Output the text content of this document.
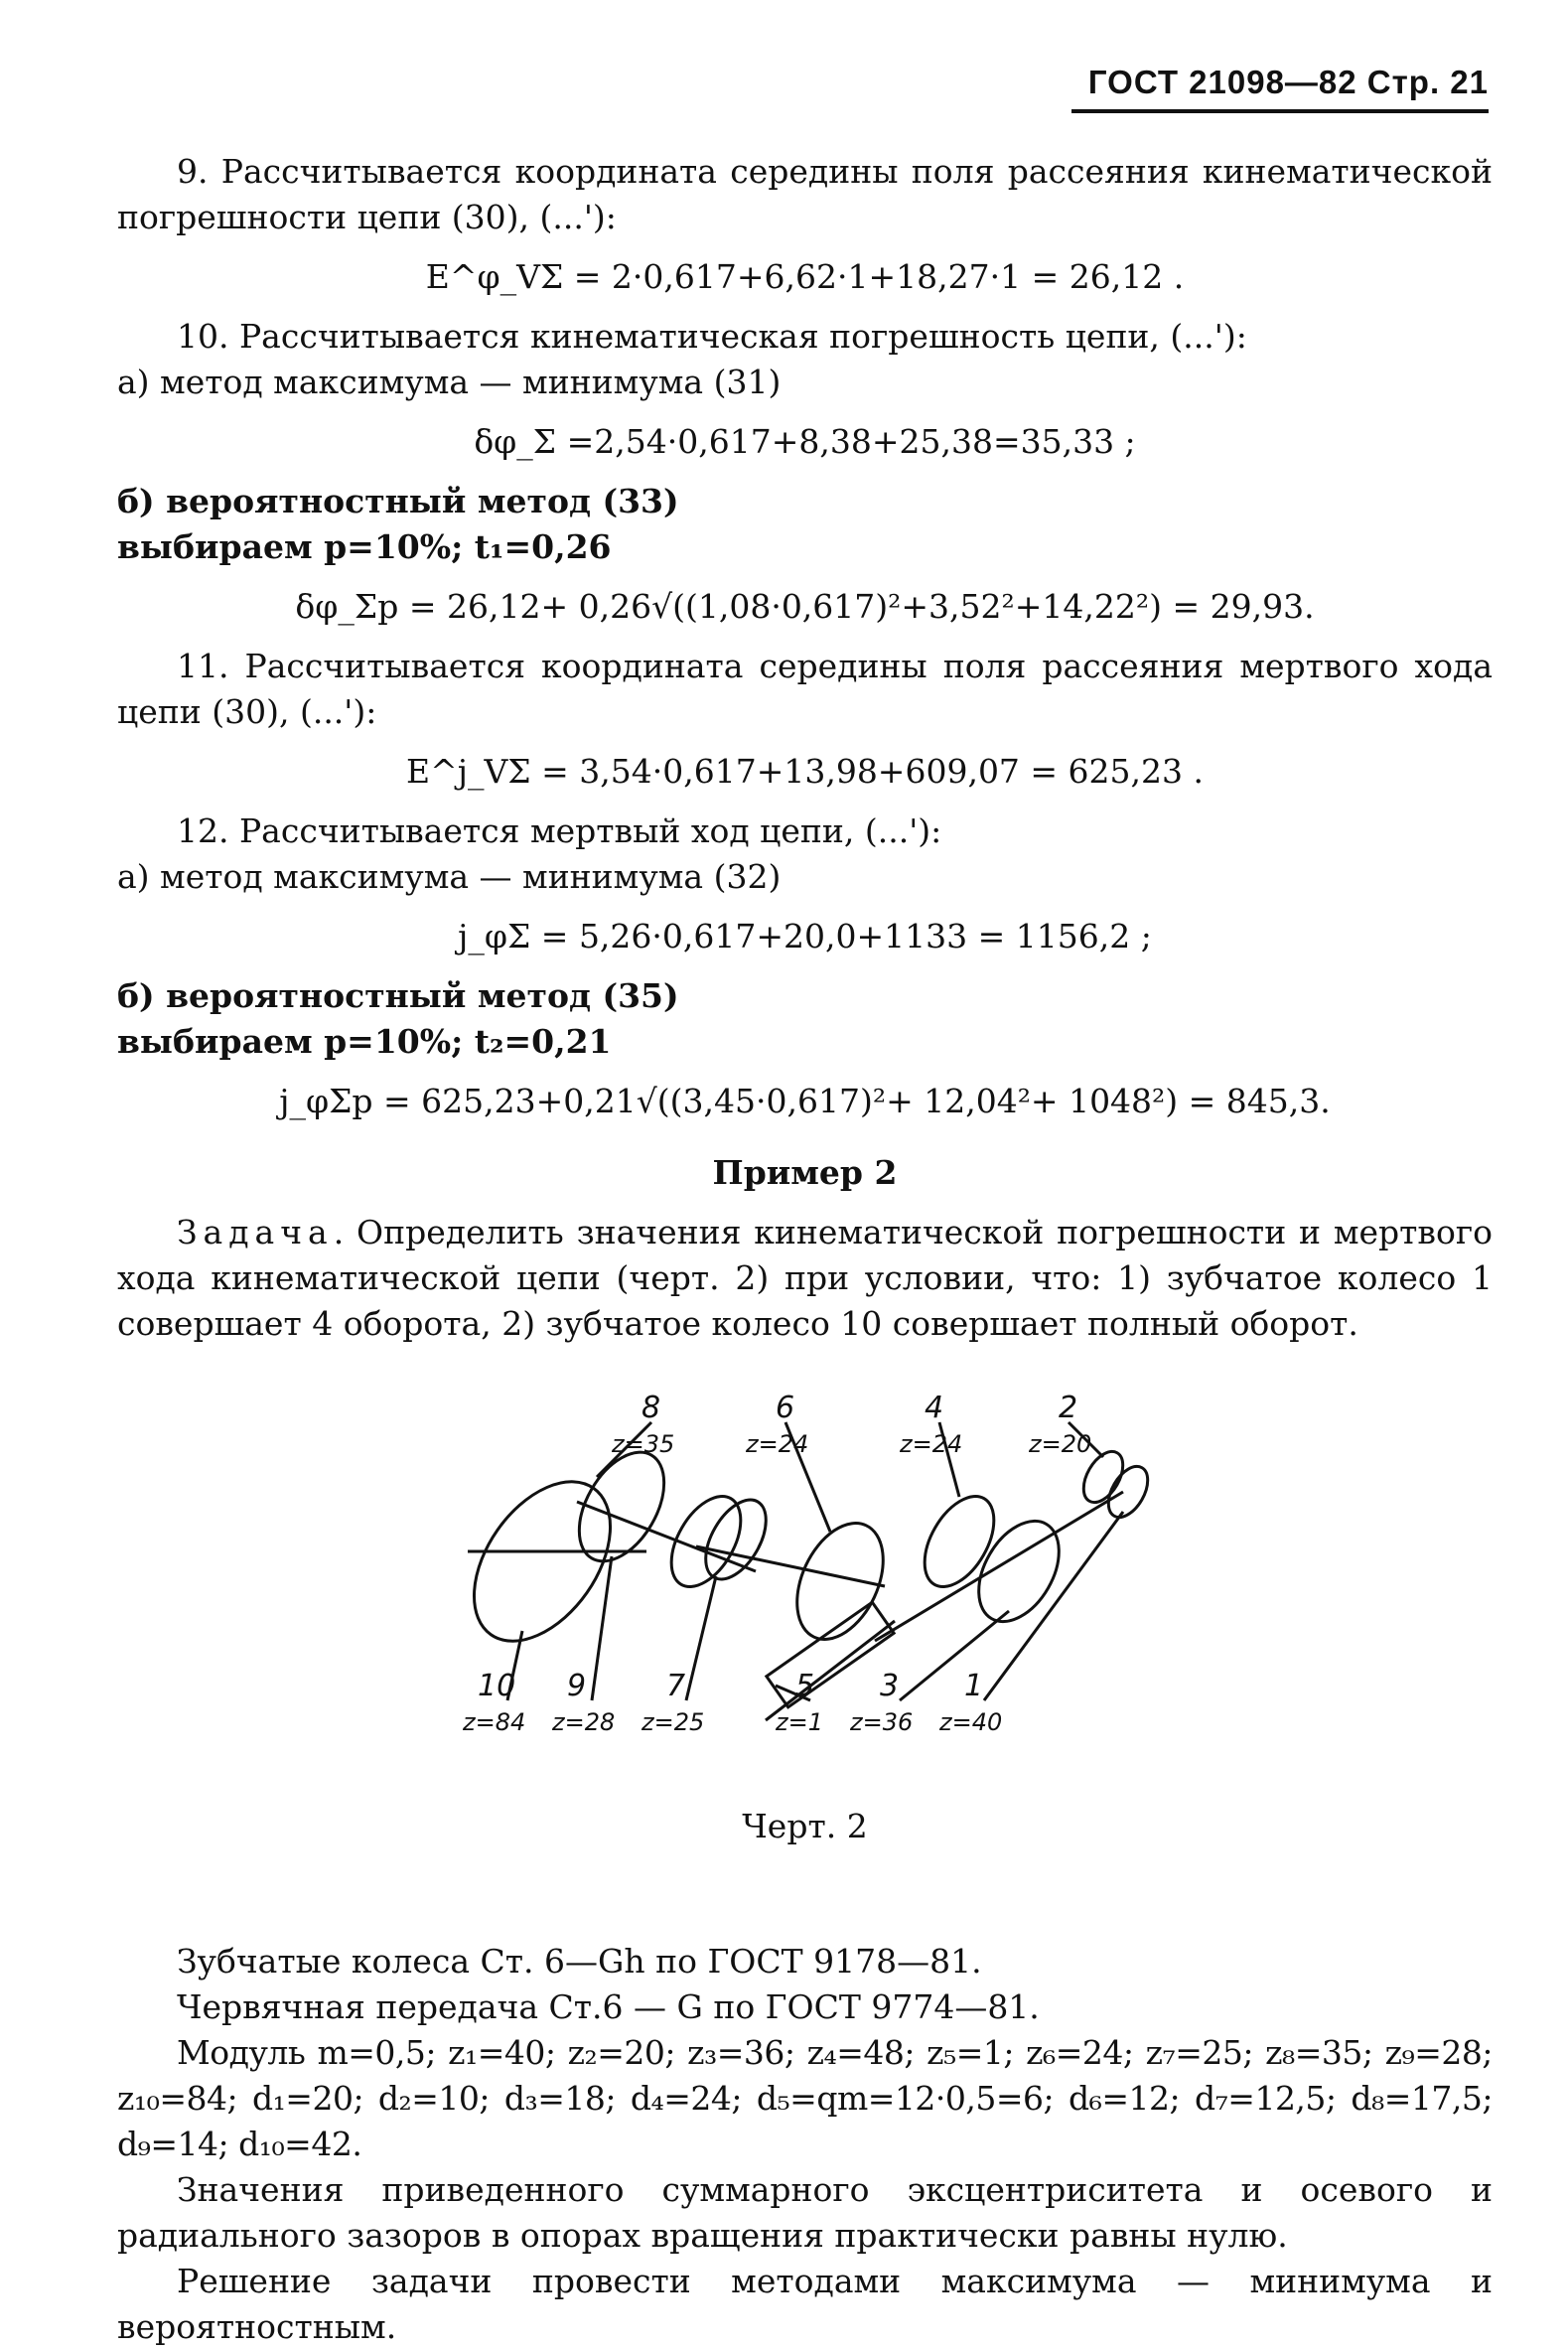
ГОСТ 21098—82 Стр. 21

9. Рассчитывается координата середины поля рассеяния кинематической погрешности цепи (30), (...'):

E^φ_VΣ = 2·0,617+6,62·1+18,27·1 = 26,12 .

10. Рассчитывается кинематическая погрешность цепи, (...'):

а) метод максимума — минимума (31)

δφ_Σ =2,54·0,617+8,38+25,38=35,33 ;

б) вероятностный метод (33)

выбираем p=10%; t₁=0,26

δφ_Σp = 26,12+ 0,26√((1,08·0,617)²+3,52²+14,22²) = 29,93.

11. Рассчитывается координата середины поля рассеяния мертвого хода цепи (30), (...'):

E^j_VΣ = 3,54·0,617+13,98+609,07 = 625,23 .

12. Рассчитывается мертвый ход цепи, (...'):

а) метод максимума — минимума (32)

j_φΣ = 5,26·0,617+20,0+1133 = 1156,2 ;

б) вероятностный метод (35)

выбираем p=10%; t₂=0,21

j_φΣp = 625,23+0,21√((3,45·0,617)²+ 12,04²+ 1048²) = 845,3.

Пример 2

Задача. Определить значения кинематической погрешности и мертвого хода кинематической цепи (черт. 2) при условии, что: 1) зубчатое колесо 1 совершает 4 оборота, 2) зубчатое колесо 10 совершает полный оборот.

8
z=35
6
z=24
4
z=24
2
z=20
10
z=84
9
z=28
7
z=25
5
z=1
3
z=36
1
z=40

Черт. 2

Зубчатые колеса Ст. 6—Gh по ГОСТ 9178—81.

Червячная передача Ст.6 — G по ГОСТ 9774—81.

Модуль m=0,5; z₁=40; z₂=20; z₃=36; z₄=48; z₅=1; z₆=24; z₇=25; z₈=35; z₉=28; z₁₀=84; d₁=20; d₂=10; d₃=18; d₄=24; d₅=qm=12·0,5=6; d₆=12; d₇=12,5; d₈=17,5; d₉=14; d₁₀=42.

Значения приведенного суммарного эксцентриситета и осевого и радиального зазоров в опорах вращения практически равны нулю.

Решение задачи провести методами максимума — минимума и вероятностным.
